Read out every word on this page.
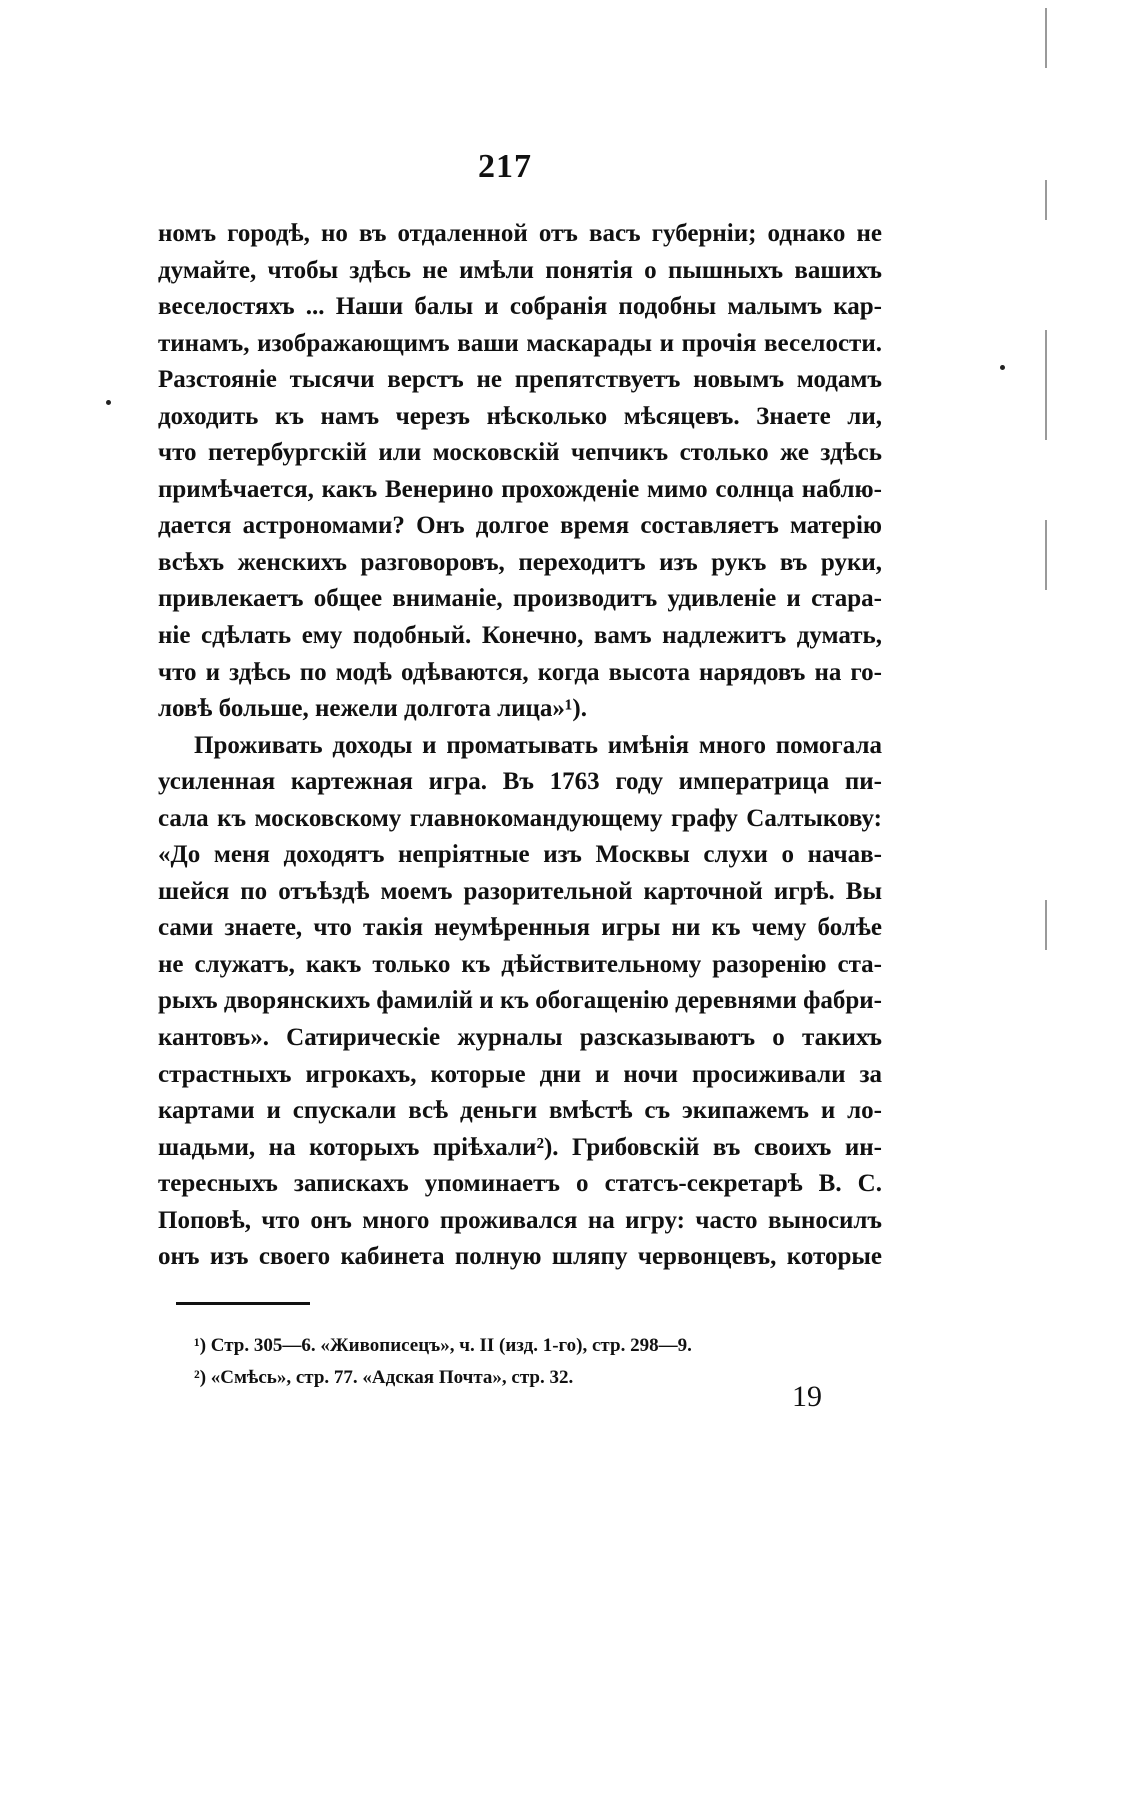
217

номъ городѣ, но въ отдаленной отъ васъ губерніи; однако не
думайте, чтобы здѣсь не имѣли понятія о пышныхъ вашихъ
веселостяхъ ... Наши балы и собранія подобны малымъ кар-
тинамъ, изображающимъ ваши маскарады и прочія веселости.
Разстояніе тысячи верстъ не препятствуетъ новымъ модамъ
доходить къ намъ черезъ нѣсколько мѣсяцевъ. Знаете ли,
что петербургскій или московскій чепчикъ столько же здѣсь
примѣчается, какъ Венерино прохожденіе мимо солнца наблю-
дается астрономами? Онъ долгое время составляетъ матерію
всѣхъ женскихъ разговоровъ, переходитъ изъ рукъ въ руки,
привлекаетъ общее вниманіе, производитъ удивленіе и стара-
ніе сдѣлать ему подобный. Конечно, вамъ надлежитъ думать,
что и здѣсь по модѣ одѣваются, когда высота нарядовъ на го-
ловѣ больше, нежели долгота лица»¹).
Проживать доходы и проматывать имѣнія много помогала
усиленная картежная игра. Въ 1763 году императрица пи-
сала къ московскому главнокомандующему графу Салтыкову:
«До меня доходятъ непріятные изъ Москвы слухи о начав-
шейся по отъѣздѣ моемъ разорительной карточной игрѣ. Вы
сами знаете, что такія неумѣренныя игры ни къ чему болѣе
не служатъ, какъ только къ дѣйствительному разоренію ста-
рыхъ дворянскихъ фамилій и къ обогащенію деревнями фабри-
кантовъ». Сатирическіе журналы разсказываютъ о такихъ
страстныхъ игрокахъ, которые дни и ночи просиживали за
картами и спускали всѣ деньги вмѣстѣ съ экипажемъ и ло-
шадьми, на которыхъ пріѣхали²). Грибовскій въ своихъ ин-
тересныхъ запискахъ упоминаетъ о статсъ-секретарѣ В. С.
Поповѣ, что онъ много проживался на игру: часто выносилъ
онъ изъ своего кабинета полную шляпу червонцевъ, которые
¹) Стр. 305—6. «Живописецъ», ч. II (изд. 1-го), стр. 298—9.
²) «Смѣсь», стр. 77. «Адская Почта», стр. 32.

19
